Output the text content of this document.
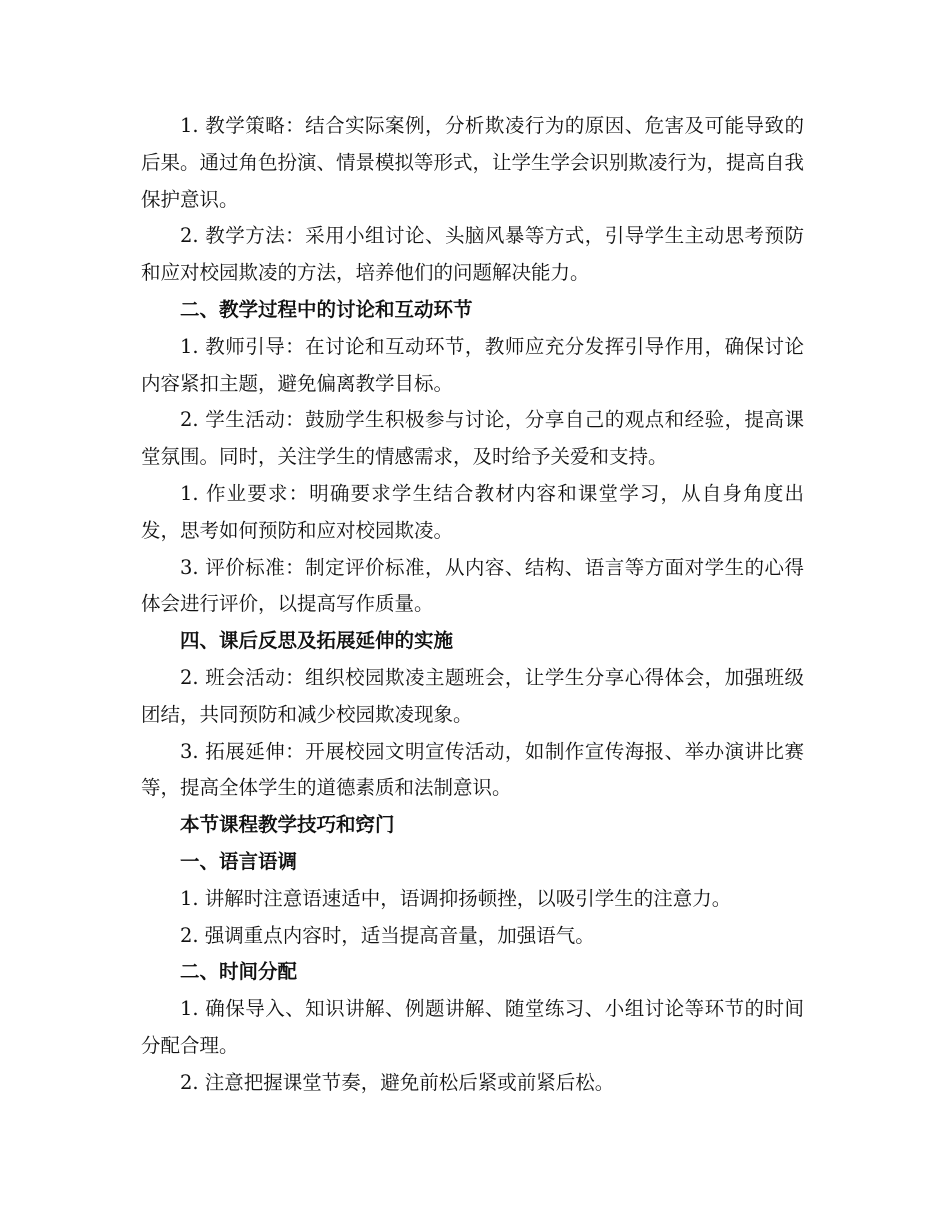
1. 教学策略：结合实际案例，分析欺凌行为的原因、危害及可能导致的后果。通过角色扮演、情景模拟等形式，让学生学会识别欺凌行为，提高自我保护意识。

2. 教学方法：采用小组讨论、头脑风暴等方式，引导学生主动思考预防和应对校园欺凌的方法，培养他们的问题解决能力。

二、教学过程中的讨论和互动环节

1. 教师引导：在讨论和互动环节，教师应充分发挥引导作用，确保讨论内容紧扣主题，避免偏离教学目标。

2. 学生活动：鼓励学生积极参与讨论，分享自己的观点和经验，提高课堂氛围。同时，关注学生的情感需求，及时给予关爱和支持。

1. 作业要求：明确要求学生结合教材内容和课堂学习，从自身角度出发，思考如何预防和应对校园欺凌。

3. 评价标准：制定评价标准，从内容、结构、语言等方面对学生的心得体会进行评价，以提高写作质量。

四、课后反思及拓展延伸的实施

2. 班会活动：组织校园欺凌主题班会，让学生分享心得体会，加强班级团结，共同预防和减少校园欺凌现象。

3. 拓展延伸：开展校园文明宣传活动，如制作宣传海报、举办演讲比赛等，提高全体学生的道德素质和法制意识。

本节课程教学技巧和窍门

一、语言语调

1. 讲解时注意语速适中，语调抑扬顿挫，以吸引学生的注意力。

2. 强调重点内容时，适当提高音量，加强语气。

二、时间分配

1. 确保导入、知识讲解、例题讲解、随堂练习、小组讨论等环节的时间分配合理。

2. 注意把握课堂节奏，避免前松后紧或前紧后松。
